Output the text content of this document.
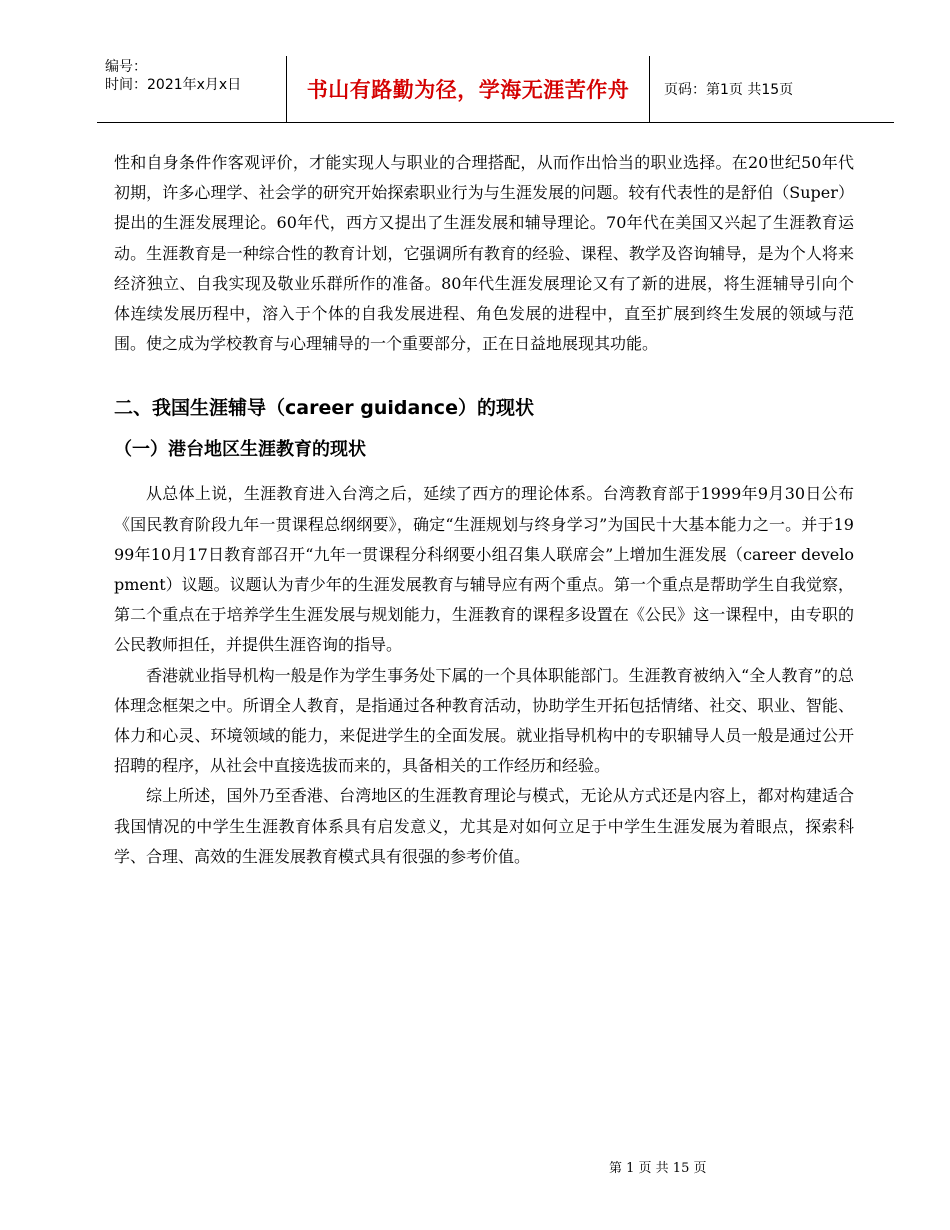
编号：
时间：2021年x月x日	书山有路勤为径，学海无涯苦作舟	页码：第1页 共15页

性和自身条件作客观评价，才能实现人与职业的合理搭配，从而作出恰当的职业选择。在20世纪50年代初期，许多心理学、社会学的研究开始探索职业行为与生涯发展的问题。较有代表性的是舒伯（Super）提出的生涯发展理论。60年代，西方又提出了生涯发展和辅导理论。70年代在美国又兴起了生涯教育运动。生涯教育是一种综合性的教育计划，它强调所有教育的经验、课程、教学及咨询辅导，是为个人将来经济独立、自我实现及敬业乐群所作的准备。80年代生涯发展理论又有了新的进展，将生涯辅导引向个体连续发展历程中，溶入于个体的自我发展进程、角色发展的进程中，直至扩展到终生发展的领域与范围。使之成为学校教育与心理辅导的一个重要部分，正在日益地展现其功能。

二、我国生涯辅导（career guidance）的现状
（一）港台地区生涯教育的现状

从总体上说，生涯教育进入台湾之后，延续了西方的理论体系。台湾教育部于1999年9月30日公布《国民教育阶段九年一贯课程总纲纲要》，确定“生涯规划与终身学习”为国民十大基本能力之一。并于1999年10月17日教育部召开“九年一贯课程分科纲要小组召集人联席会”上增加生涯发展（career development）议题。议题认为青少年的生涯发展教育与辅导应有两个重点。第一个重点是帮助学生自我觉察，第二个重点在于培养学生生涯发展与规划能力，生涯教育的课程多设置在《公民》这一课程中，由专职的公民教师担任，并提供生涯咨询的指导。

香港就业指导机构一般是作为学生事务处下属的一个具体职能部门。生涯教育被纳入“全人教育”的总体理念框架之中。所谓全人教育，是指通过各种教育活动，协助学生开拓包括情绪、社交、职业、智能、体力和心灵、环境领域的能力，来促进学生的全面发展。就业指导机构中的专职辅导人员一般是通过公开招聘的程序，从社会中直接选拔而来的，具备相关的工作经历和经验。

综上所述，国外乃至香港、台湾地区的生涯教育理论与模式，无论从方式还是内容上，都对构建适合我国情况的中学生生涯教育体系具有启发意义，尤其是对如何立足于中学生生涯发展为着眼点，探索科学、合理、高效的生涯发展教育模式具有很强的参考价值。

第 1 页 共 15 页
